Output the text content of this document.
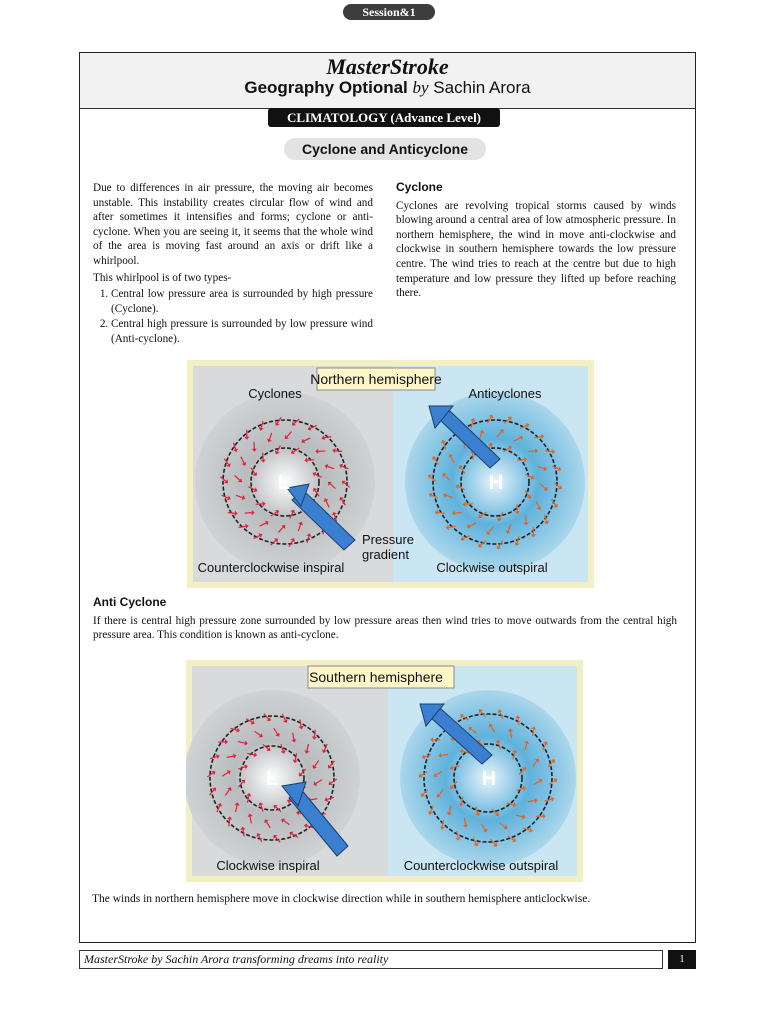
Session&1
MasterStroke
Geography Optional by Sachin Arora
CLIMATOLOGY (Advance Level)
Cyclone and Anticyclone

Due to differences in air pressure, the moving air becomes unstable. This instability creates circular flow of wind and after sometimes it intensifies and forms; cyclone or anti-cyclone. When you are seeing it, it seems that the whole wind of the area is moving fast around an axis or drift like a whirlpool.

This whirlpool is of two types-

1. Central low pressure area is surrounded by high pressure (Cyclone).
2. Central high pressure is surrounded by low pressure wind (Anti-cyclone).
Cyclone

Cyclones are revolving tropical storms caused by winds blowing around a central area of low atmospheric pressure. In northern hemisphere, the wind in move anti-clockwise and clockwise in southern hemisphere towards the low pressure centre. The wind tries to reach at the centre but due to high temperature and low pressure they lifted up before reaching there.

Northern hemisphere
Cyclones	Anticyclones
L	H
Pressure
gradient
Counterclockwise inspiral	Clockwise outspiral
Anti Cyclone

If there is central high pressure zone surrounded by low pressure areas then wind tries to move outwards from the central high pressure area. This condition is known as anti-cyclone.

Southern hemisphere
L	H
Clockwise inspiral	Counterclockwise outspiral
The winds in northern hemisphere move in clockwise direction while in southern hemisphere anticlockwise.
MasterStroke by Sachin Arora transforming dreams into reality	1
